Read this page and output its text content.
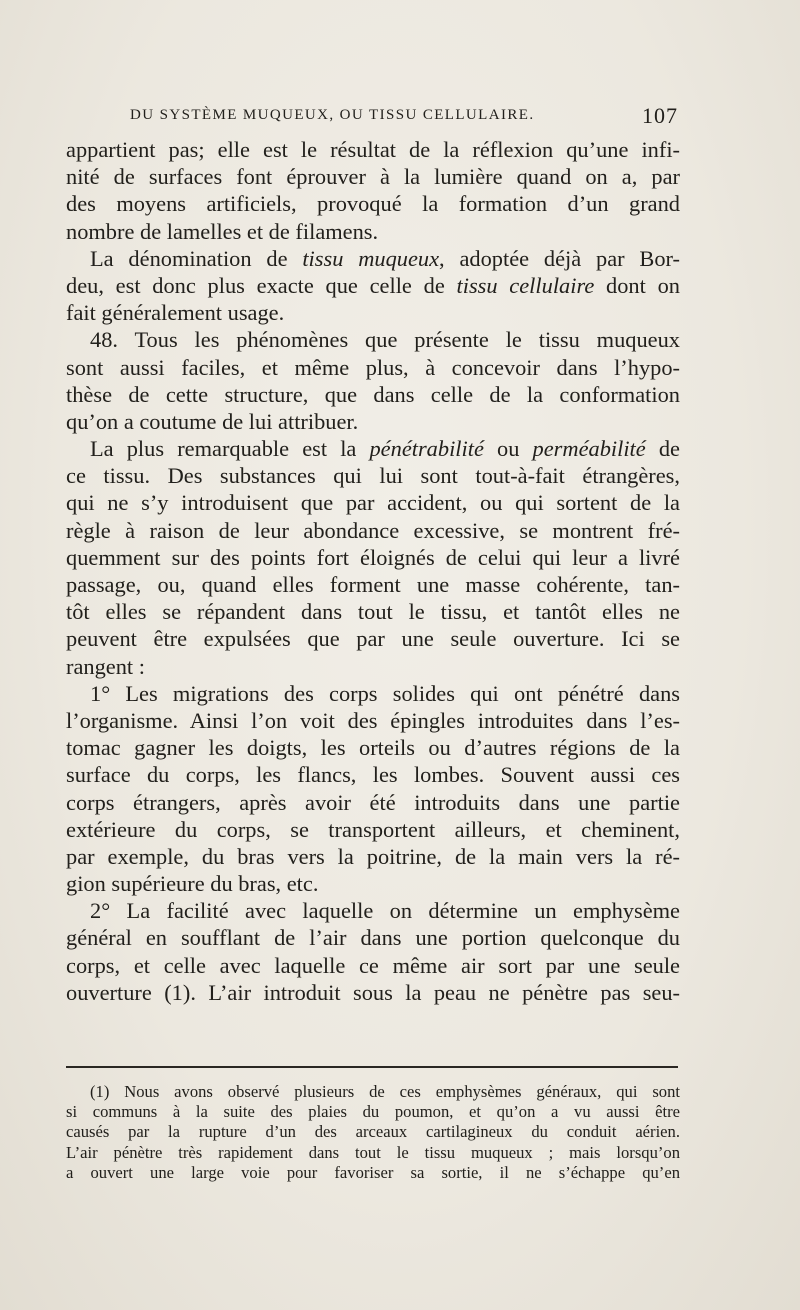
DU SYSTÈME MUQUEUX, OU TISSU CELLULAIRE.	107
appartient pas; elle est le résultat de la réflexion qu’une infi-
nité de surfaces font éprouver à la lumière quand on a, par
des moyens artificiels, provoqué la formation d’un grand
nombre de lamelles et de filamens.
La dénomination de tissu muqueux, adoptée déjà par Bor-
deu, est donc plus exacte que celle de tissu cellulaire dont on
fait généralement usage.
48. Tous les phénomènes que présente le tissu muqueux
sont aussi faciles, et même plus, à concevoir dans l’hypo-
thèse de cette structure, que dans celle de la conformation
qu’on a coutume de lui attribuer.
La plus remarquable est la pénétrabilité ou perméabilité de
ce tissu. Des substances qui lui sont tout-à-fait étrangères,
qui ne s’y introduisent que par accident, ou qui sortent de la
règle à raison de leur abondance excessive, se montrent fré-
quemment sur des points fort éloignés de celui qui leur a livré
passage, ou, quand elles forment une masse cohérente, tan-
tôt elles se répandent dans tout le tissu, et tantôt elles ne
peuvent être expulsées que par une seule ouverture. Ici se
rangent :
1° Les migrations des corps solides qui ont pénétré dans
l’organisme. Ainsi l’on voit des épingles introduites dans l’es-
tomac gagner les doigts, les orteils ou d’autres régions de la
surface du corps, les flancs, les lombes. Souvent aussi ces
corps étrangers, après avoir été introduits dans une partie
extérieure du corps, se transportent ailleurs, et cheminent,
par exemple, du bras vers la poitrine, de la main vers la ré-
gion supérieure du bras, etc.
2° La facilité avec laquelle on détermine un emphysème
général en soufflant de l’air dans une portion quelconque du
corps, et celle avec laquelle ce même air sort par une seule
ouverture (1). L’air introduit sous la peau ne pénètre pas seu-
(1) Nous avons observé plusieurs de ces emphysèmes généraux, qui sont
si communs à la suite des plaies du poumon, et qu’on a vu aussi être
causés par la rupture d’un des arceaux cartilagineux du conduit aérien.
L’air pénètre très rapidement dans tout le tissu muqueux ; mais lorsqu’on
a ouvert une large voie pour favoriser sa sortie, il ne s’échappe qu’en
